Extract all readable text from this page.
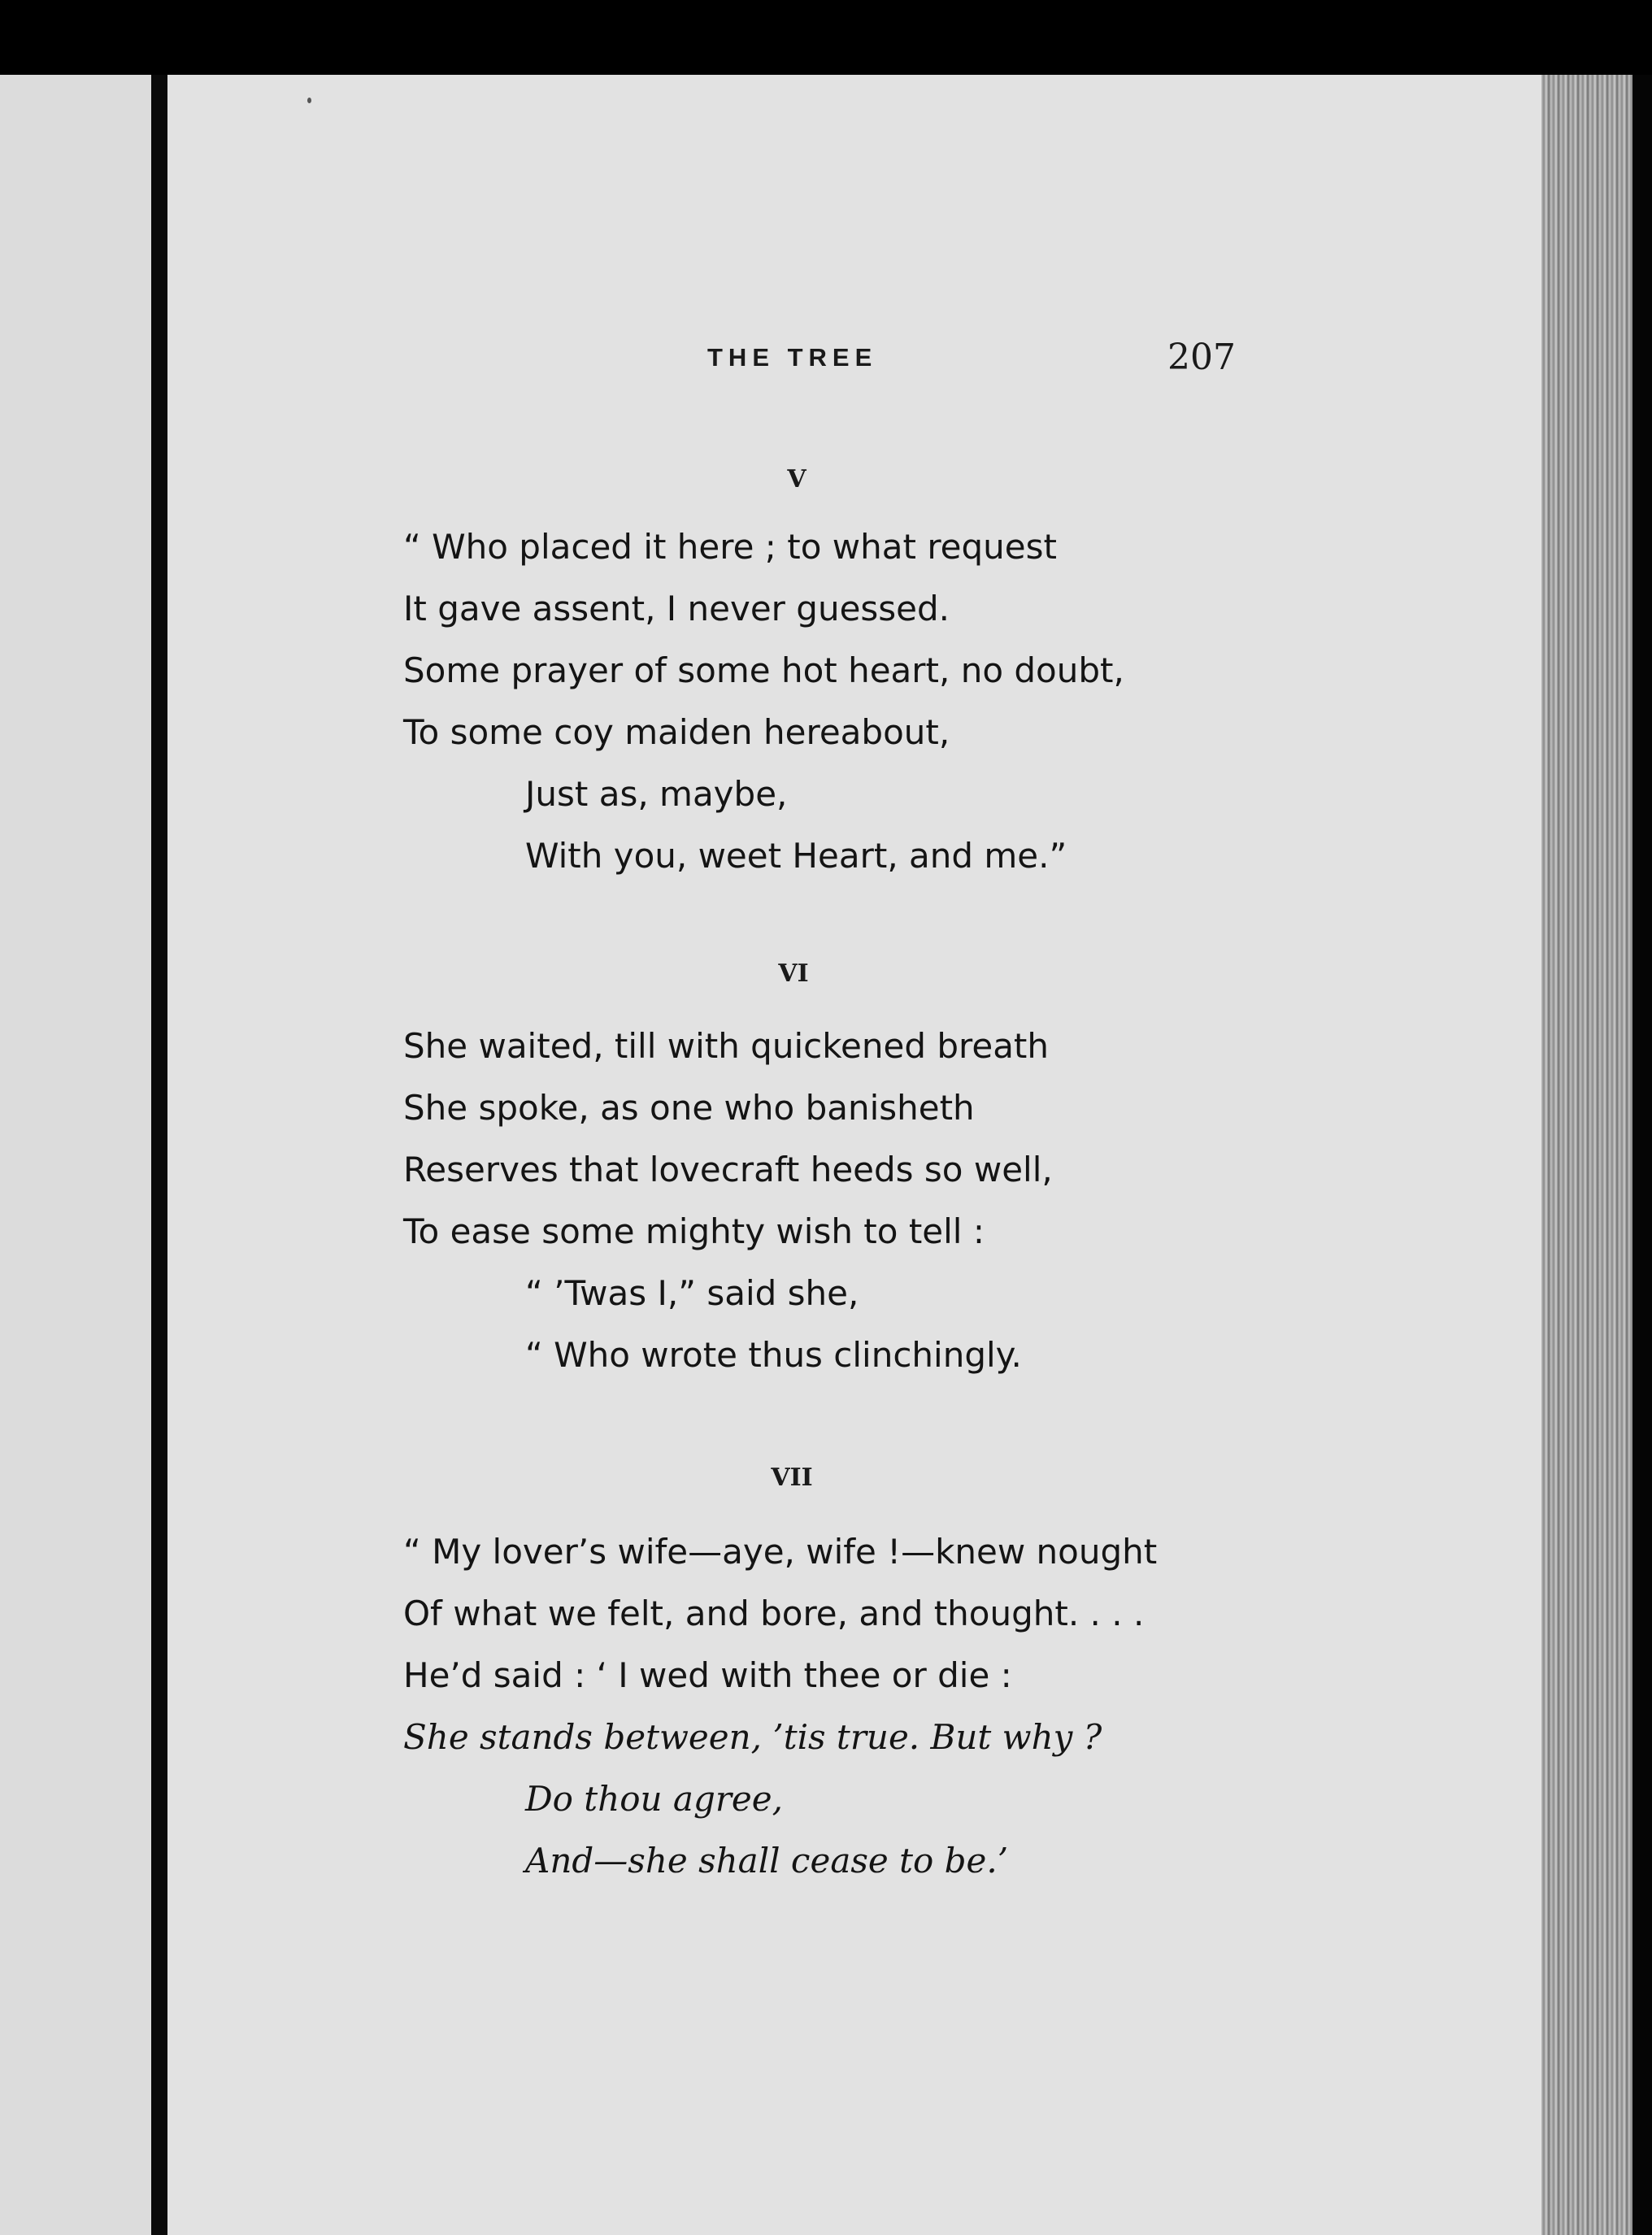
THE TREE	207
V
“ Who placed it here ; to what request
It gave assent, I never guessed.
Some prayer of some hot heart, no doubt,
To some coy maiden hereabout,
Just as, maybe,
With you, weet Heart, and me.”
VI
She waited, till with quickened breath
She spoke, as one who banisheth
Reserves that lovecraft heeds so well,
To ease some mighty wish to tell :
“ ’Twas I,” said she,
“ Who wrote thus clinchingly.
VII
“ My lover’s wife—aye, wife !—knew nought
Of what we felt, and bore, and thought. . . .
He’d said : ‘ I wed with thee or die :
She stands between, ’tis true. But why ?
Do thou agree,
And—she shall cease to be.’
